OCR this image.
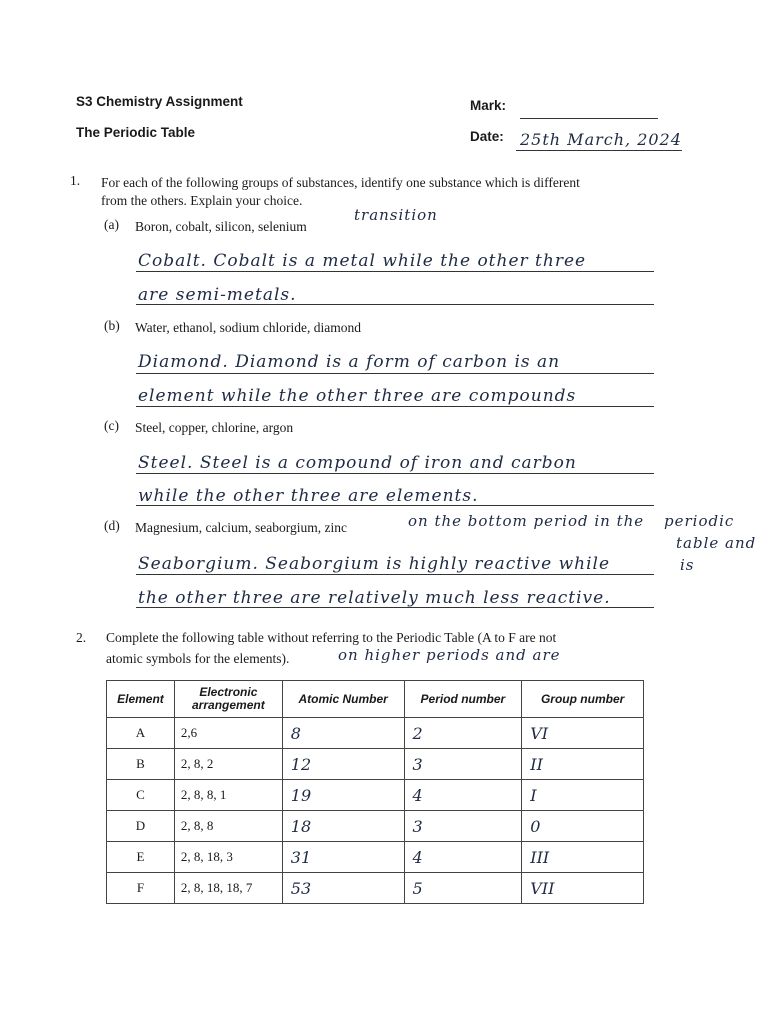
S3 Chemistry Assignment
The Periodic Table
Mark:
Date: 25th March, 2024
1. For each of the following groups of substances, identify one substance which is different
from the others. Explain your choice.
(a) Boron, cobalt, silicon, selenium
transition
Cobalt. Cobalt is a metal while the other three
are semi-metals.
(b) Water, ethanol, sodium chloride, diamond
Diamond. Diamond is a form of carbon is an
element while the other three are compounds
(c) Steel, copper, chlorine, argon
Steel. Steel is a compound of iron and carbon
while the other three are elements.
(d) Magnesium, calcium, seaborgium, zinc	on the bottom period in the periodic
table and
is
Seaborgium. Seaborgium is highly reactive while
the other three are relatively much less reactive.
2. Complete the following table without referring to the Periodic Table (A to F are not
atomic symbols for the elements).	on higher periods and are
Element	Electronic arrangement	Atomic Number	Period number	Group number
A	2,6	8	2	VI
B	2, 8, 2	12	3	II
C	2, 8, 8, 1	19	4	I
D	2, 8, 8	18	3	0
E	2, 8, 18, 3	31	4	III
F	2, 8, 18, 18, 7	53	5	VII
